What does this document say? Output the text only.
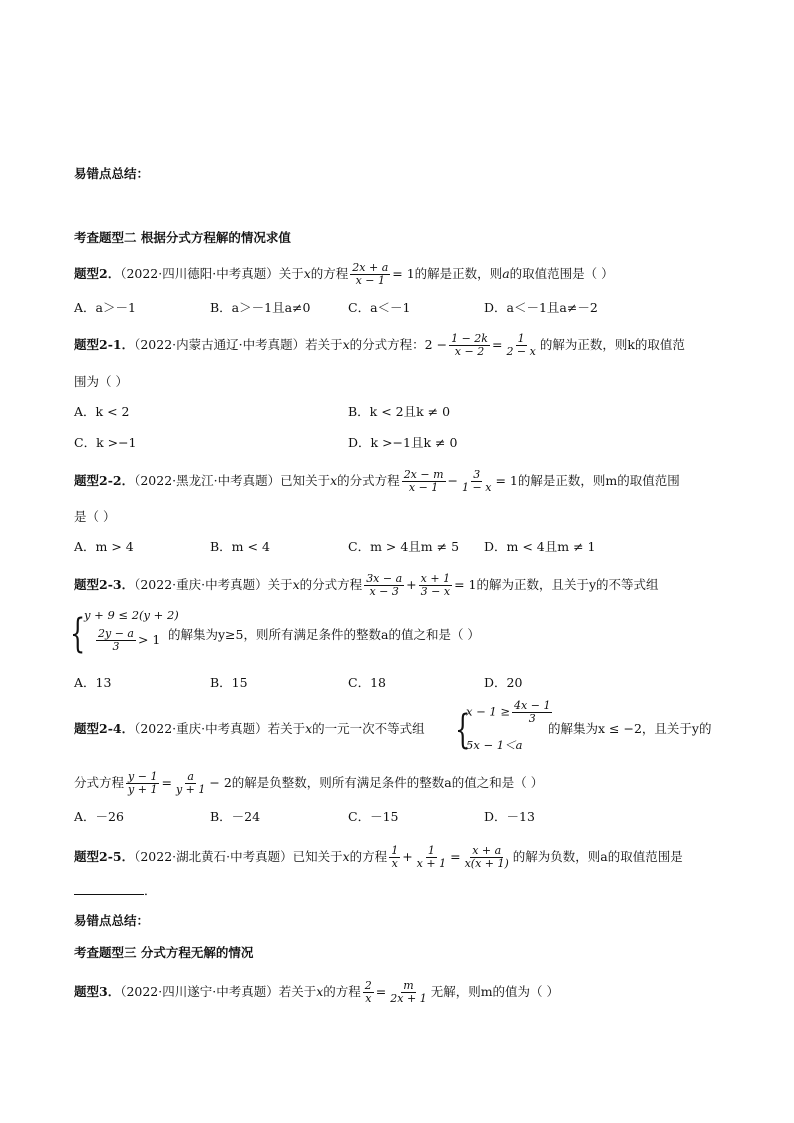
易错点总结：
考查题型二 根据分式方程解的情况求值
题型2．（2022·四川德阳·中考真题）关于x的方程 $\frac{2x + a}{x - 1} = 1$的解是正数，则a的取值范围是（ ）
A．a＞－1	B．a＞－1且a≠0	C．a＜－1	D．a＜－1且a≠－2
题型2-1．（2022·内蒙古通辽·中考真题）若关于x的分式方程：$2 - \frac{1 - 2k}{x - 2} = \frac{1}{2 - x}$ 的解为正数，则k的取值范
围为（ ）
A．k < 2	B．k < 2且k ≠ 0
C．k >−1	D．k >−1且k ≠ 0
题型2-2．（2022·黑龙江·中考真题）已知关于x的分式方程 $\frac{2x - m}{x - 1} - \frac{3}{1 - x} = 1$的解是正数，则m的取值范围
是（ ）
A．m > 4	B．m < 4	C．m > 4且m ≠ 5 D．m < 4且m ≠ 1
题型2-3．（2022·重庆·中考真题）关于x的分式方程 $\frac{3x - a}{x - 3} + \frac{x + 1}{3 - x} = 1$的解为正数，且关于y的不等式组
{
y + 9 ≤ 2(y + 2)
$\frac{2y - a}{3} > 1$ 的解集为y≥5，则所有满足条件的整数a的值之和是（ ）
A．13	B．15	C．18	D．20
题型2-4．（2022·重庆·中考真题）若关于x的一元一次不等式组 {
$x - 1 \ge \frac{4x - 1}{3}$
5x − 1＜a
的解集为x ≤ −2，且关于y的
分式方程 $\frac{y - 1}{y + 1} = \frac{a}{y + 1} - 2$的解是负整数，则所有满足条件的整数a的值之和是（ ）
A．－26	B．－24	C．－15	D．－13
题型2-5．（2022·湖北黄石·中考真题）已知关于x的方程 $\frac{1}{x} + \frac{1}{x + 1} = \frac{x + a}{x(x + 1)}$ 的解为负数，则a的取值范围是
．
易错点总结：
考查题型三 分式方程无解的情况
题型3．（2022·四川遂宁·中考真题）若关于x的方程 $\frac{2}{x} = \frac{m}{2x + 1}$ 无解，则m的值为（ ）
